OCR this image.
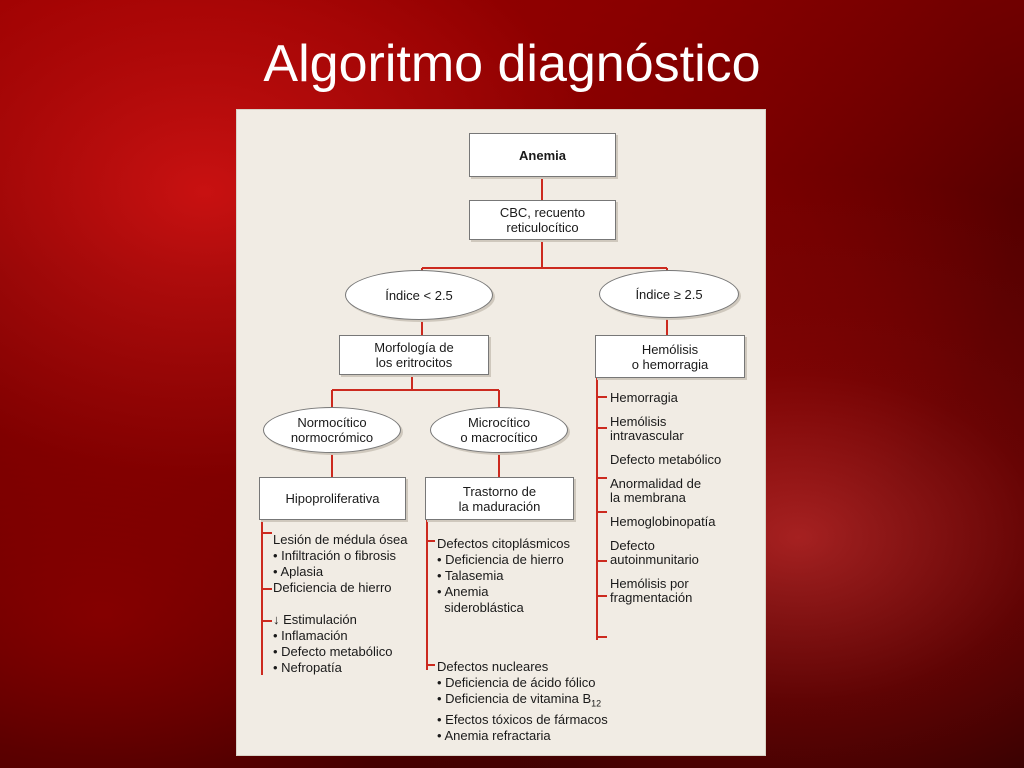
Algoritmo diagnóstico
Anemia
CBC, recuento
reticulocítico
Índice < 2.5	Índice ≥ 2.5
Morfología de
los eritrocitos
Hemólisis
o hemorragia
Normocítico
normocrómico
Microcítico
o macrocítico
Hipoproliferativa	Trastorno de
la maduración
Lesión de médula ósea
• Infiltración o fibrosis
• Aplasia
Deficiencia de hierro
↓ Estimulación
• Inflamación
• Defecto metabólico
• Nefropatía
Defectos citoplásmicos
• Deficiencia de hierro
• Talasemia
• Anemia
sideroblástica
Defectos nucleares
• Deficiencia de ácido fólico
• Deficiencia de vitamina $B_{12}$
• Efectos tóxicos de fármacos
• Anemia refractaria
Hemorragia
Hemólisis
intravascular
Defecto metabólico
Anormalidad de
la membrana
Hemoglobinopatía
Defecto
autoinmunitario
Hemólisis por
fragmentación
